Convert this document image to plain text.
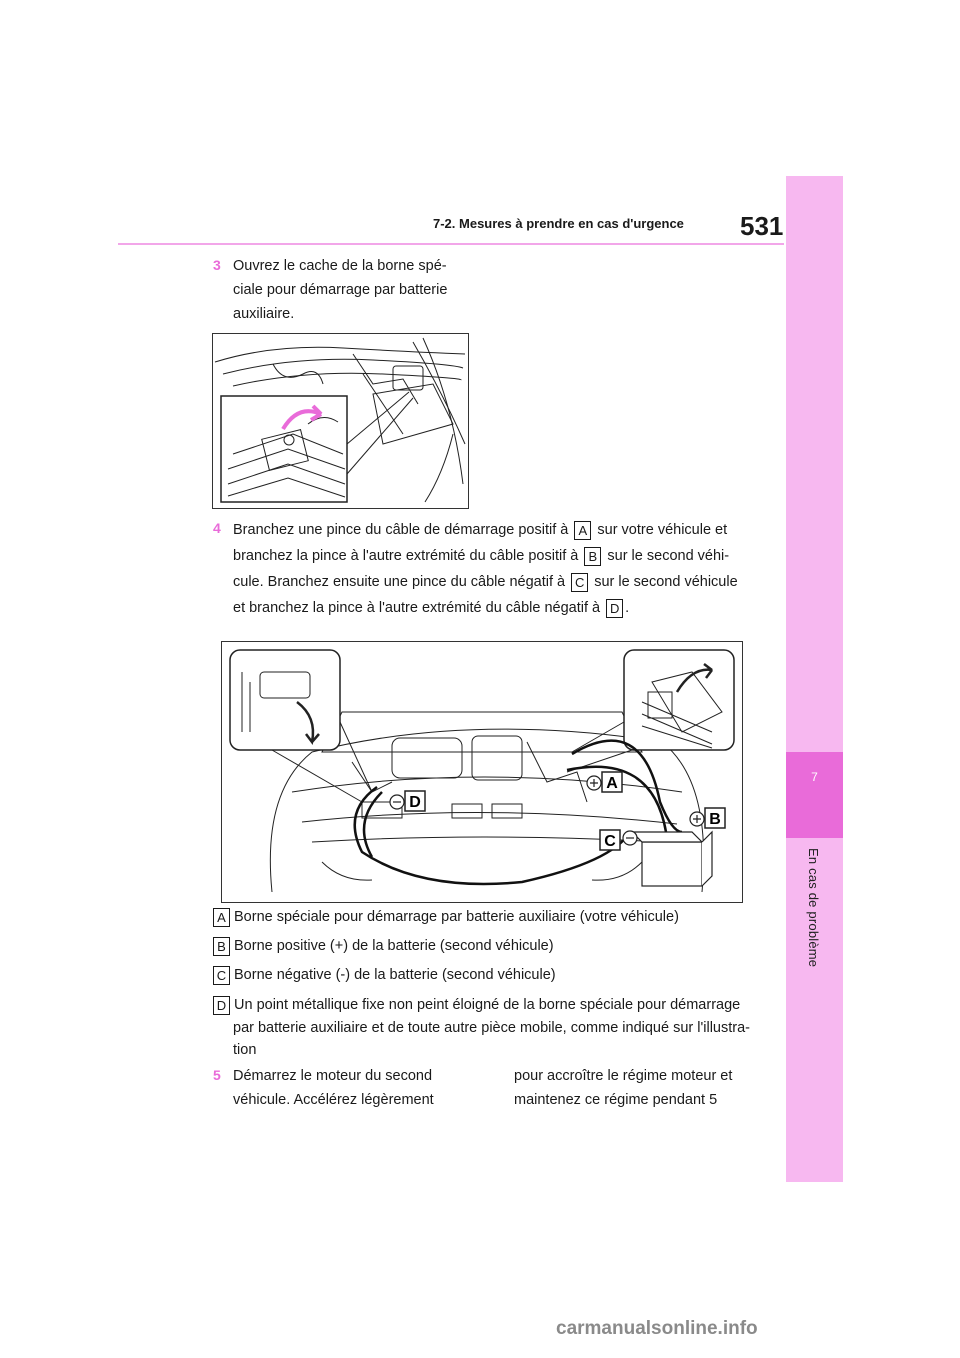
7
En cas de problème
7-2. Mesures à prendre en cas d'urgence 531
3 Ouvrez le cache de la borne spé-
ciale pour démarrage par batterie
auxiliaire.
4 Branchez une pince du câble de démarrage positif à A sur votre véhicule et
branchez la pince à l'autre extrémité du câble positif à B sur le second véhi-
cule. Branchez ensuite une pince du câble négatif à C sur le second véhicule
et branchez la pince à l'autre extrémité du câble négatif à D .
A
B
C
D
A Borne spéciale pour démarrage par batterie auxiliaire (votre véhicule)
B Borne positive (+) de la batterie (second véhicule)
C Borne négative (-) de la batterie (second véhicule)
D Un point métallique fixe non peint éloigné de la borne spéciale pour démarrage
par batterie auxiliaire et de toute autre pièce mobile, comme indiqué sur l'illustra-
tion
5 Démarrez le moteur du second
véhicule. Accélérez légèrement
pour accroître le régime moteur et
maintenez ce régime pendant 5
carmanualsonline.info
